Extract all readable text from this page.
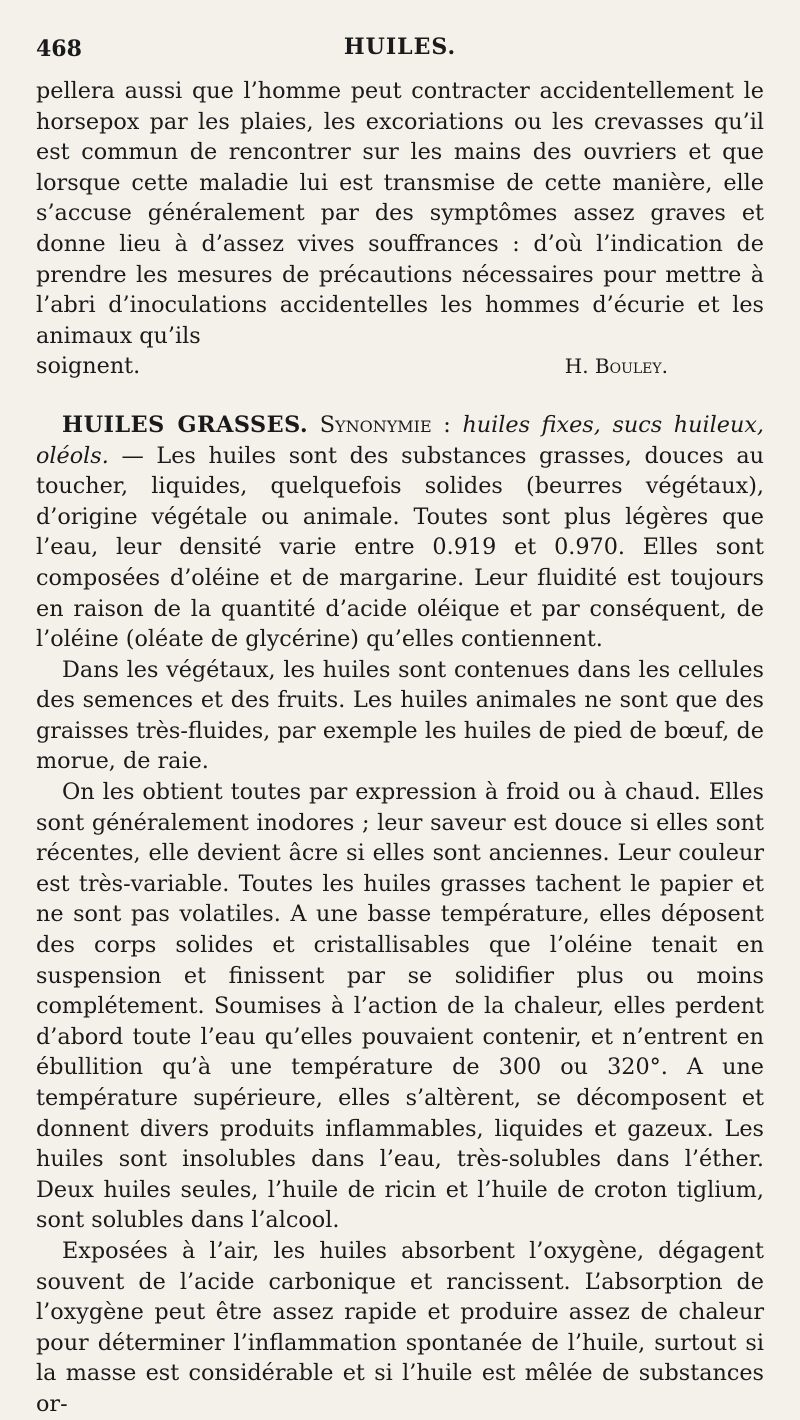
468	HUILES.

pellera aussi que l’homme peut contracter accidentellement le horsepox par les plaies, les excoriations ou les crevasses qu’il est commun de rencontrer sur les mains des ouvriers et que lorsque cette maladie lui est transmise de cette manière, elle s’accuse généralement par des symptômes assez graves et donne lieu à d’assez vives souffrances : d’où l’indication de prendre les mesures de précautions nécessaires pour mettre à l’abri d’inoculations accidentelles les hommes d’écurie et les animaux qu’ils

soignent.	H. Bouley.

HUILES GRASSES. Synonymie : huiles fixes, sucs huileux, oléols. — Les huiles sont des substances grasses, douces au toucher, liquides, quelquefois solides (beurres végétaux), d’origine végétale ou animale. Toutes sont plus légères que l’eau, leur densité varie entre 0.919 et 0.970. Elles sont composées d’oléine et de margarine. Leur fluidité est toujours en raison de la quantité d’acide oléique et par conséquent, de l’oléine (oléate de glycérine) qu’elles contiennent.

Dans les végétaux, les huiles sont contenues dans les cellules des semences et des fruits. Les huiles animales ne sont que des graisses très-fluides, par exemple les huiles de pied de bœuf, de morue, de raie.

On les obtient toutes par expression à froid ou à chaud. Elles sont généralement inodores ; leur saveur est douce si elles sont récentes, elle devient âcre si elles sont anciennes. Leur couleur est très-variable. Toutes les huiles grasses tachent le papier et ne sont pas volatiles. A une basse température, elles déposent des corps solides et cristallisables que l’oléine tenait en suspension et finissent par se solidifier plus ou moins complétement. Soumises à l’action de la chaleur, elles perdent d’abord toute l’eau qu’elles pouvaient contenir, et n’entrent en ébullition qu’à une température de 300 ou 320°. A une température supérieure, elles s’altèrent, se décomposent et donnent divers produits inflammables, liquides et gazeux. Les huiles sont insolubles dans l’eau, très-solubles dans l’éther. Deux huiles seules, l’huile de ricin et l’huile de croton tiglium, sont solubles dans l’alcool.

Exposées à l’air, les huiles absorbent l’oxygène, dégagent souvent de l’acide carbonique et rancissent. L’absorption de l’oxygène peut être assez rapide et produire assez de chaleur pour déterminer l’inflammation spontanée de l’huile, surtout si la masse est considérable et si l’huile est mêlée de substances or-
